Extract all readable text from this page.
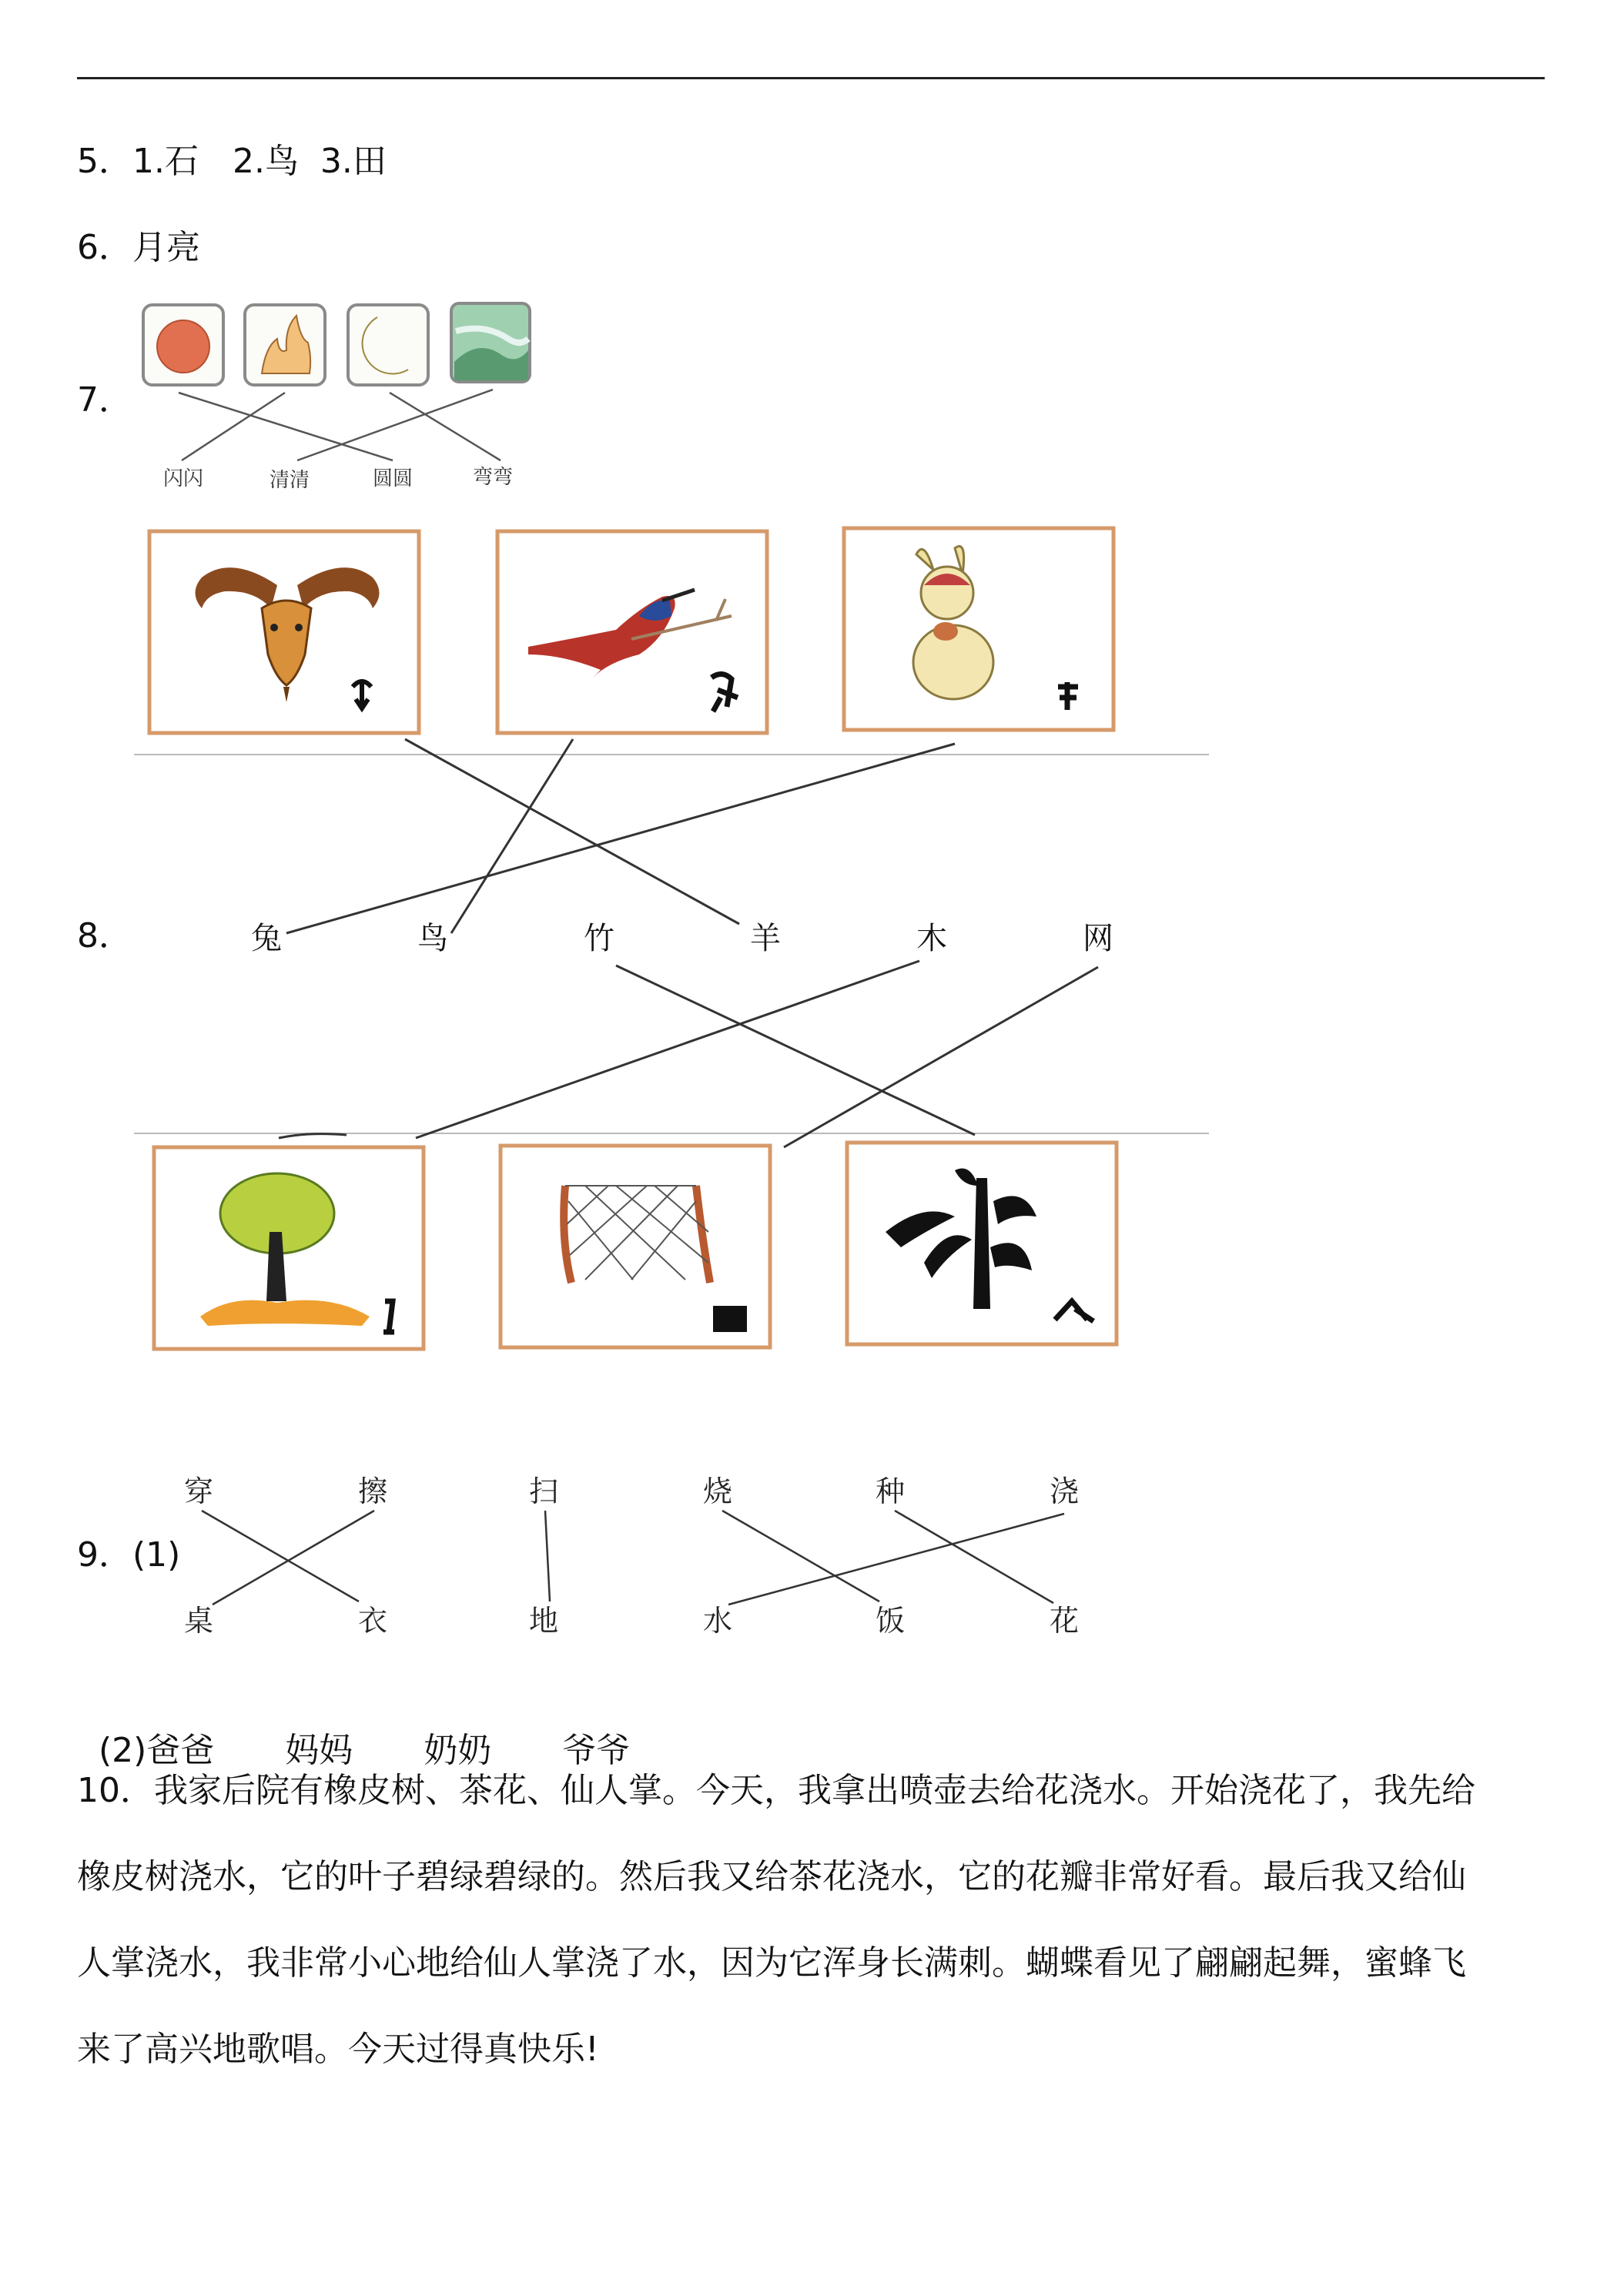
5．1.石　2.鸟  3.田
6．月亮
7．
8．
9．(1)

(2)爸爸 妈妈 奶奶 爷爷

10．我家后院有橡皮树、茶花、仙人掌。今天，我拿出喷壶去给花浇水。开始浇花了，我先给
橡皮树浇水，它的叶子碧绿碧绿的。然后我又给茶花浇水，它的花瓣非常好看。最后我又给仙
人掌浇水，我非常小心地给仙人掌浇了水，因为它浑身长满刺。蝴蝶看见了翩翩起舞，蜜蜂飞
来了高兴地歌唱。今天过得真快乐!
闪闪	清清	圆圆	弯弯
兔	鸟	竹	羊	木	网
穿	擦	扫	烧	种	浇
桌	衣	地	水	饭	花
